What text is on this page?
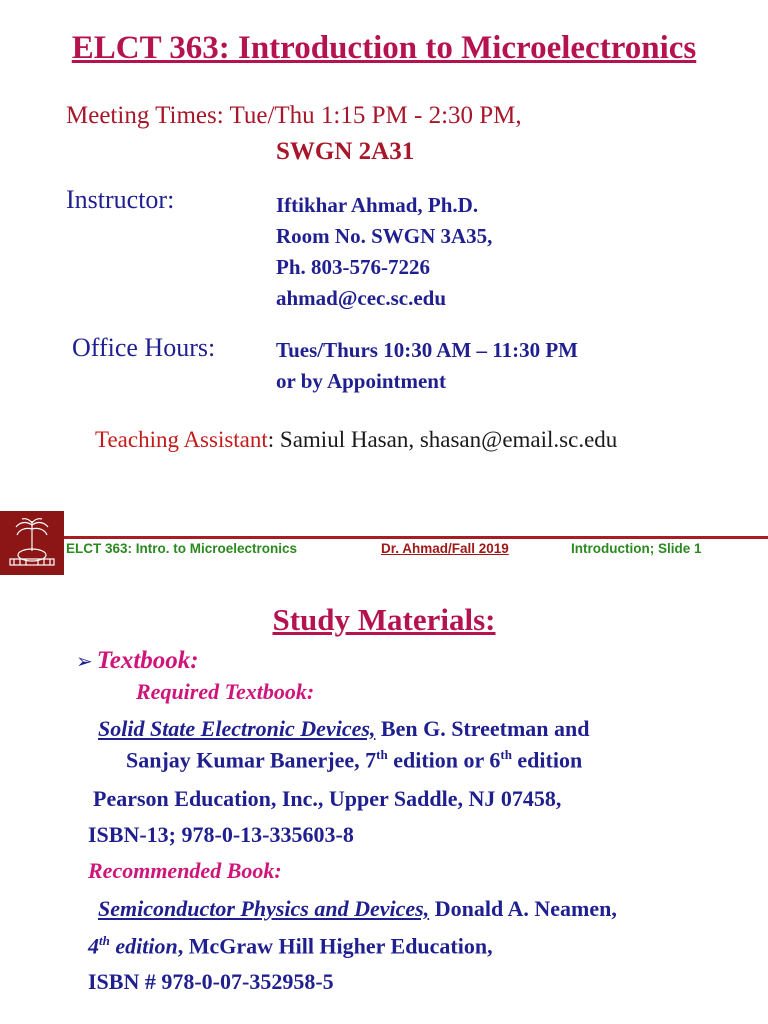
ELCT 363: Introduction to Microelectronics
Meeting Times: Tue/Thu 1:15 PM - 2:30 PM,
SWGN 2A31
Instructor:	Iftikhar Ahmad, Ph.D.
Room No. SWGN 3A35,
Ph. 803-576-7226
ahmad@cec.sc.edu
Office Hours:	Tues/Thurs 10:30 AM – 11:30 PM
or by Appointment
Teaching Assistant: Samiul Hasan, shasan@email.sc.edu
ELCT 363: Intro. to Microelectronics	Dr. Ahmad/Fall 2019	Introduction; Slide 1
Study Materials:
➢ Textbook:
Required Textbook:
Solid State Electronic Devices, Ben G. Streetman and
Sanjay Kumar Banerjee, 7th edition or 6th edition
Pearson Education, Inc., Upper Saddle, NJ 07458,
ISBN-13; 978-0-13-335603-8
Recommended Book:
Semiconductor Physics and Devices, Donald A. Neamen,
4th edition, McGraw Hill Higher Education,
ISBN # 978-0-07-352958-5
